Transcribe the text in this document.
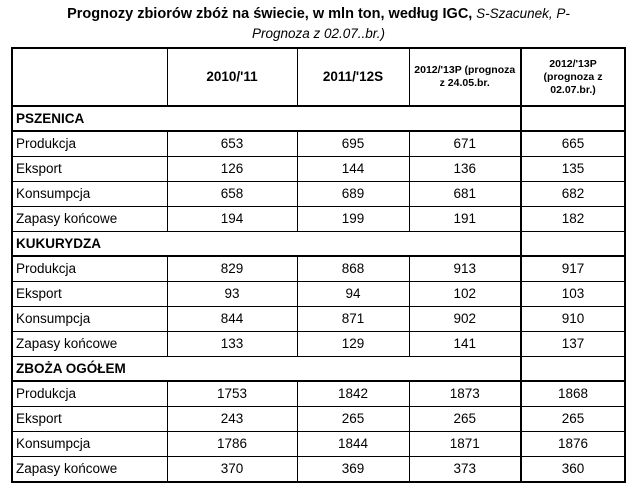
Prognozy zbiorów zbóż na świecie, w mln ton, według IGC, S-Szacunek, P-
Prognoza z 02.07..br.)
	2010/'11	2011/'12S	2012/'13P (prognoza z 24.05.br.	2012/'13P (prognoza z 02.07.br.)
PSZENICA				
Produkcja	653	695	671	665
Eksport	126	144	136	135
Konsumpcja	658	689	681	682
Zapasy końcowe	194	199	191	182
KUKURYDZA				
Produkcja	829	868	913	917
Eksport	93	94	102	103
Konsumpcja	844	871	902	910
Zapasy końcowe	133	129	141	137
ZBOŻA OGÓŁEM				
Produkcja	1753	1842	1873	1868
Eksport	243	265	265	265
Konsumpcja	1786	1844	1871	1876
Zapasy końcowe	370	369	373	360
